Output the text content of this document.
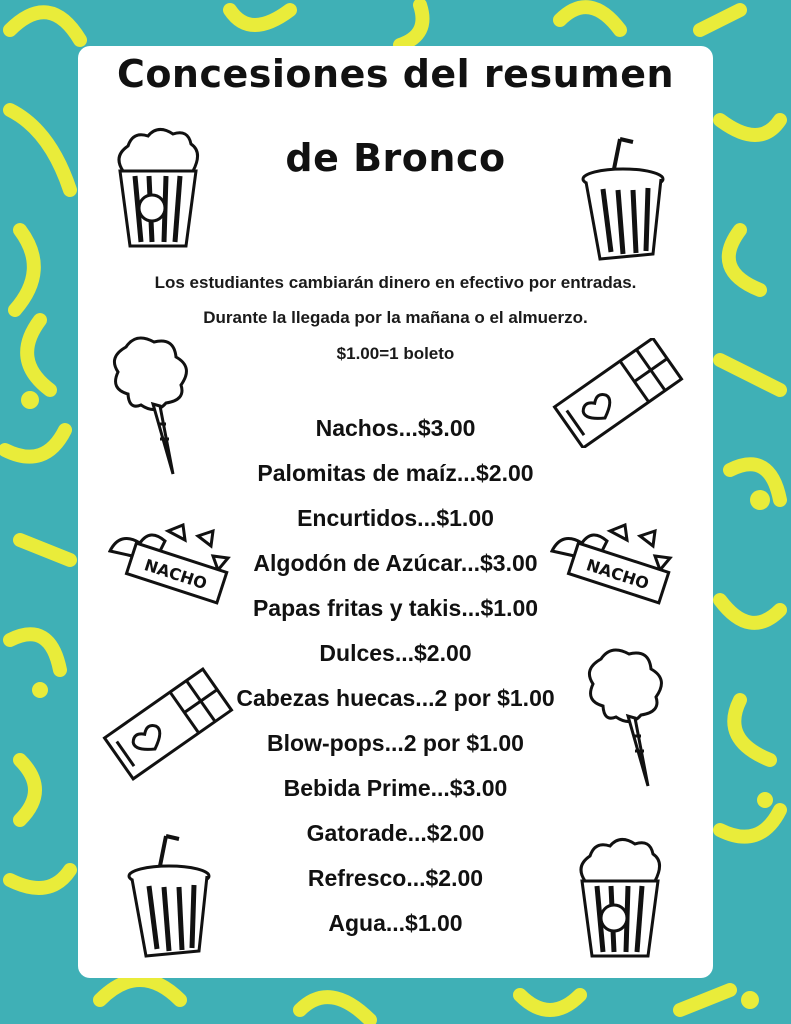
Concesiones del resumen
de Bronco

Los estudiantes cambiarán dinero en efectivo por entradas.

Durante la llegada por la mañana o el almuerzo.

$1.00=1 boleto

Nachos...$3.00
Palomitas de maíz...$2.00
Encurtidos...$1.00
Algodón de Azúcar...$3.00
Papas fritas y takis...$1.00
Dulces...$2.00
Cabezas huecas...2 por $1.00
Blow-pops...2 por $1.00
Bebida Prime...$3.00
Gatorade...$2.00
Refresco...$2.00
Agua...$1.00
NACHO	NACHO
